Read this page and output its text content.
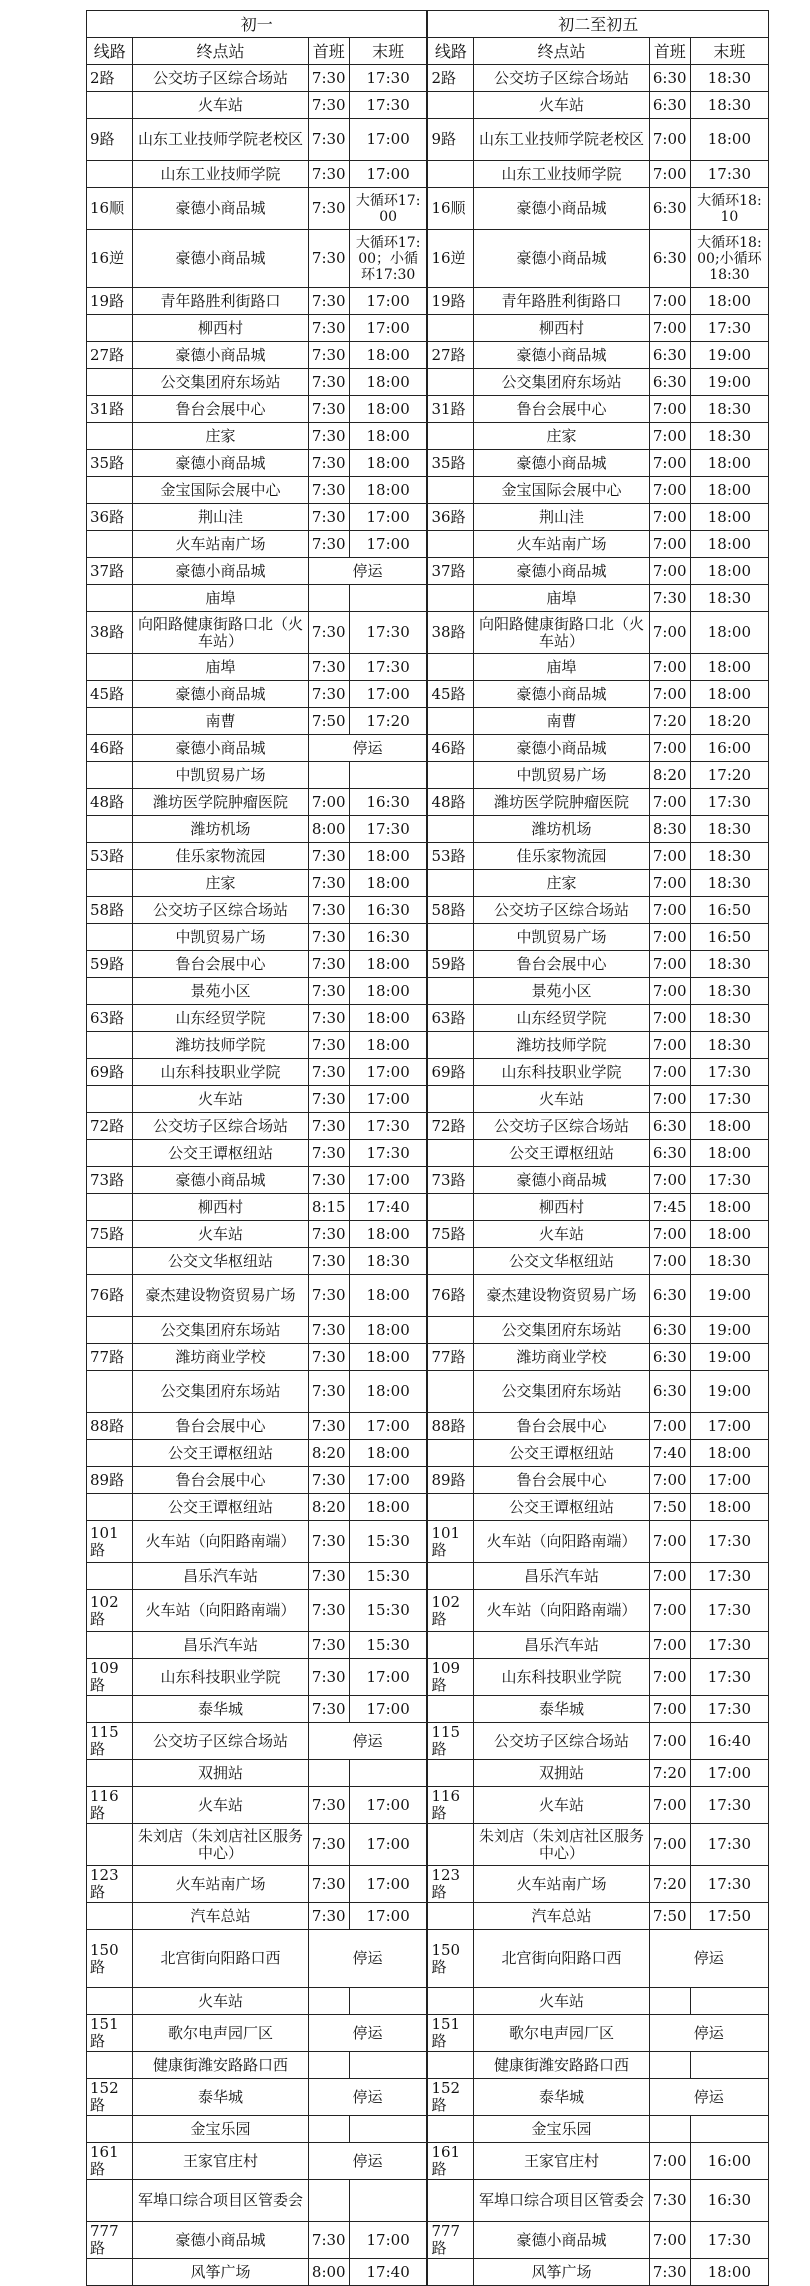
初一				初二至初五			
线路	终点站	首班	末班	线路	终点站	首班	末班
2路	公交坊子区综合场站	7:30	17:30	2路	公交坊子区综合场站	6:30	18:30
	火车站	7:30	17:30		火车站	6:30	18:30
9路	山东工业技师学院老校区	7:30	17:00	9路	山东工业技师学院老校区	7:00	18:00
	山东工业技师学院	7:30	17:00		山东工业技师学院	7:00	17:30
16顺	豪德小商品城	7:30	大循环17:00	16顺	豪德小商品城	6:30	大循环18:10
16逆	豪德小商品城	7:30	大循环17:00；小循环17:30	16逆	豪德小商品城	6:30	大循环18:00;小循环18:30
19路	青年路胜利街路口	7:30	17:00	19路	青年路胜利街路口	7:00	18:00
	柳西村	7:30	17:00		柳西村	7:00	17:30
27路	豪德小商品城	7:30	18:00	27路	豪德小商品城	6:30	19:00
	公交集团府东场站	7:30	18:00		公交集团府东场站	6:30	19:00
31路	鲁台会展中心	7:30	18:00	31路	鲁台会展中心	7:00	18:30
	庄家	7:30	18:00		庄家	7:00	18:30
35路	豪德小商品城	7:30	18:00	35路	豪德小商品城	7:00	18:00
	金宝国际会展中心	7:30	18:00		金宝国际会展中心	7:00	18:00
36路	荆山洼	7:30	17:00	36路	荆山洼	7:00	18:00
	火车站南广场	7:30	17:00		火车站南广场	7:00	18:00
37路	豪德小商品城	停运		37路	豪德小商品城	7:00	18:00
	庙埠				庙埠	7:30	18:30
38路	向阳路健康街路口北（火车站）	7:30	17:30	38路	向阳路健康街路口北（火车站）	7:00	18:00
	庙埠	7:30	17:30		庙埠	7:00	18:00
45路	豪德小商品城	7:30	17:00	45路	豪德小商品城	7:00	18:00
	南曹	7:50	17:20		南曹	7:20	18:20
46路	豪德小商品城	停运		46路	豪德小商品城	7:00	16:00
	中凯贸易广场				中凯贸易广场	8:20	17:20
48路	潍坊医学院肿瘤医院	7:00	16:30	48路	潍坊医学院肿瘤医院	7:00	17:30
	潍坊机场	8:00	17:30		潍坊机场	8:30	18:30
53路	佳乐家物流园	7:30	18:00	53路	佳乐家物流园	7:00	18:30
	庄家	7:30	18:00		庄家	7:00	18:30
58路	公交坊子区综合场站	7:30	16:30	58路	公交坊子区综合场站	7:00	16:50
	中凯贸易广场	7:30	16:30		中凯贸易广场	7:00	16:50
59路	鲁台会展中心	7:30	18:00	59路	鲁台会展中心	7:00	18:30
	景苑小区	7:30	18:00		景苑小区	7:00	18:30
63路	山东经贸学院	7:30	18:00	63路	山东经贸学院	7:00	18:30
	潍坊技师学院	7:30	18:00		潍坊技师学院	7:00	18:30
69路	山东科技职业学院	7:30	17:00	69路	山东科技职业学院	7:00	17:30
	火车站	7:30	17:00		火车站	7:00	17:30
72路	公交坊子区综合场站	7:30	17:30	72路	公交坊子区综合场站	6:30	18:00
	公交王谭枢纽站	7:30	17:30		公交王谭枢纽站	6:30	18:00
73路	豪德小商品城	7:30	17:00	73路	豪德小商品城	7:00	17:30
	柳西村	8:15	17:40		柳西村	7:45	18:00
75路	火车站	7:30	18:00	75路	火车站	7:00	18:00
	公交文华枢纽站	7:30	18:30		公交文华枢纽站	7:00	18:30
76路	豪杰建设物资贸易广场	7:30	18:00	76路	豪杰建设物资贸易广场	6:30	19:00
	公交集团府东场站	7:30	18:00		公交集团府东场站	6:30	19:00
77路	潍坊商业学校	7:30	18:00	77路	潍坊商业学校	6:30	19:00
	公交集团府东场站	7:30	18:00		公交集团府东场站	6:30	19:00
88路	鲁台会展中心	7:30	17:00	88路	鲁台会展中心	7:00	17:00
	公交王谭枢纽站	8:20	18:00		公交王谭枢纽站	7:40	18:00
89路	鲁台会展中心	7:30	17:00	89路	鲁台会展中心	7:00	17:00
	公交王谭枢纽站	8:20	18:00		公交王谭枢纽站	7:50	18:00
101路	火车站（向阳路南端）	7:30	15:30	101路	火车站（向阳路南端）	7:00	17:30
	昌乐汽车站	7:30	15:30		昌乐汽车站	7:00	17:30
102路	火车站（向阳路南端）	7:30	15:30	102路	火车站（向阳路南端）	7:00	17:30
	昌乐汽车站	7:30	15:30		昌乐汽车站	7:00	17:30
109路	山东科技职业学院	7:30	17:00	109路	山东科技职业学院	7:00	17:30
	泰华城	7:30	17:00		泰华城	7:00	17:30
115路	公交坊子区综合场站	停运		115路	公交坊子区综合场站	7:00	16:40
	双拥站				双拥站	7:20	17:00
116路	火车站	7:30	17:00	116路	火车站	7:00	17:30
	朱刘店（朱刘店社区服务中心）	7:30	17:00		朱刘店（朱刘店社区服务中心）	7:00	17:30
123路	火车站南广场	7:30	17:00	123路	火车站南广场	7:20	17:30
	汽车总站	7:30	17:00		汽车总站	7:50	17:50
150路	北宫街向阳路口西	停运		150路	北宫街向阳路口西	停运	
	火车站				火车站		
151路	歌尔电声园厂区	停运		151路	歌尔电声园厂区	停运	
	健康街潍安路路口西				健康街潍安路路口西		
152路	泰华城	停运		152路	泰华城	停运	
	金宝乐园				金宝乐园		
161路	王家官庄村	停运		161路	王家官庄村	7:00	16:00
	军埠口综合项目区管委会				军埠口综合项目区管委会	7:30	16:30
777路	豪德小商品城	7:30	17:00	777路	豪德小商品城	7:00	17:30
	风筝广场	8:00	17:40		风筝广场	7:30	18:00
